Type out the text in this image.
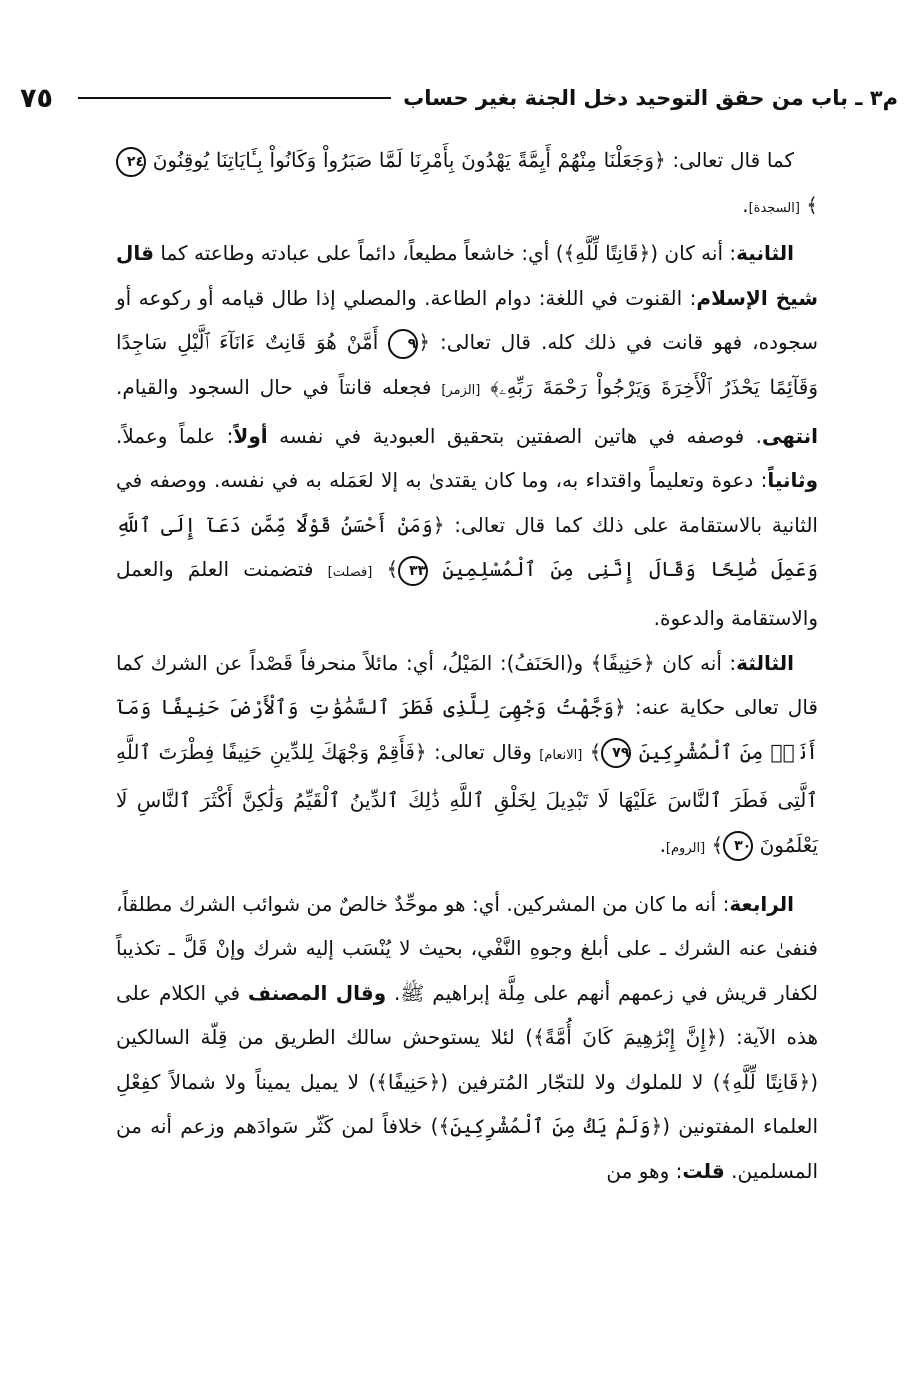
٧٥	م٣ ـ باب من حقق التوحيد دخل الجنة بغير حساب

كما قال تعالى: ﴿وَجَعَلْنَا مِنْهُمْ أَيِمَّةً يَهْدُونَ بِأَمْرِنَا لَمَّا صَبَرُواْ وَكَانُواْ بِـَٔايَاتِنَا يُوقِنُونَ ٢٤﴾ [السجدة].

الثانية: أنه كان (﴿قَانِتًا لِّلَّهِ﴾) أي: خاشعاً مطيعاً، دائماً على عبادته وطاعته كما قال شيخ الإسلام: القنوت في اللغة: دوام الطاعة. والمصلي إذا طال قيامه أو ركوعه أو سجوده، فهو قانت في ذلك كله. قال تعالى: ﴿٩ أَمَّنْ هُوَ قَانِتٌ ءَانَآءَ ٱلَّيْلِ سَاجِدًا وَقَآئِمًا يَحْذَرُ ٱلْأَخِرَةَ وَيَرْجُواْ رَحْمَةَ رَبِّهِۦ﴾ [الزمر] فجعله قانتاً في حال السجود والقيام. انتهى. فوصفه في هاتين الصفتين بتحقيق العبودية في نفسه أولاً: علماً وعملاً. وثانياً: دعوة وتعليماً واقتداء به، وما كان يقتدىٰ به إلا لعَمَله به في نفسه. ووصفه في الثانية بالاستقامة على ذلك كما قال تعالى: ﴿وَمَنْ أَحْسَنُ قَوْلًا مِّمَّن دَعَآ إِلَى ٱللَّهِ وَعَمِلَ صَٰلِحًا وَقَالَ إِنَّنِى مِنَ ٱلْمُسْلِمِينَ ٣٣﴾ [فصلت] فتضمنت العلمَ والعمل والاستقامة والدعوة.

الثالثة: أنه كان ﴿حَنِيفًا﴾ و(الحَنَفُ): المَيْلُ، أي: مائلاً منحرفاً قَصْداً عن الشرك كما قال تعالى حكاية عنه: ﴿وَجَّهْتُ وَجْهِىَ لِلَّذِى فَطَرَ ٱلسَّمَٰوَٰتِ وَٱلْأَرْضَ حَنِيفًا وَمَآ أَنَا۠ مِنَ ٱلْمُشْرِكِينَ ٧٩﴾ [الانعام] وقال تعالى: ﴿فَأَقِمْ وَجْهَكَ لِلدِّينِ حَنِيفًا فِطْرَتَ ٱللَّهِ ٱلَّتِى فَطَرَ ٱلنَّاسَ عَلَيْهَا لَا تَبْدِيلَ لِخَلْقِ ٱللَّهِ ذَٰلِكَ ٱلدِّينُ ٱلْقَيِّمُ وَلَٰكِنَّ أَكْثَرَ ٱلنَّاسِ لَا يَعْلَمُونَ ٣٠﴾ [الروم].

الرابعة: أنه ما كان من المشركين. أي: هو موحِّدٌ خالصٌ من شوائب الشرك مطلقاً، فنفىٰ عنه الشرك ـ على أبلغ وجوهِ النَّفْي، بحيث لا يُنْسَب إليه شرك وإنْ قَلَّ ـ تكذيباً لكفار قريش في زعمهم أنهم على مِلَّة إبراهيم ﷺ. وقال المصنف في الكلام على هذه الآية: (﴿إِنَّ إِبْرَٰهِيمَ كَانَ أُمَّةً﴾) لئلا يستوحش سالك الطريق من قِلّة السالكين (﴿قَانِتًا لِّلَّهِ﴾) لا للملوك ولا للتجّار المُترفين (﴿حَنِيفًا﴾) لا يميل يميناً ولا شمالاً كفِعْلِ العلماء المفتونين (﴿وَلَمْ يَكُ مِنَ ٱلْمُشْرِكِينَ﴾) خلافاً لمن كَثّر سَوادَهم وزعم أنه من المسلمين. قلت: وهو من
